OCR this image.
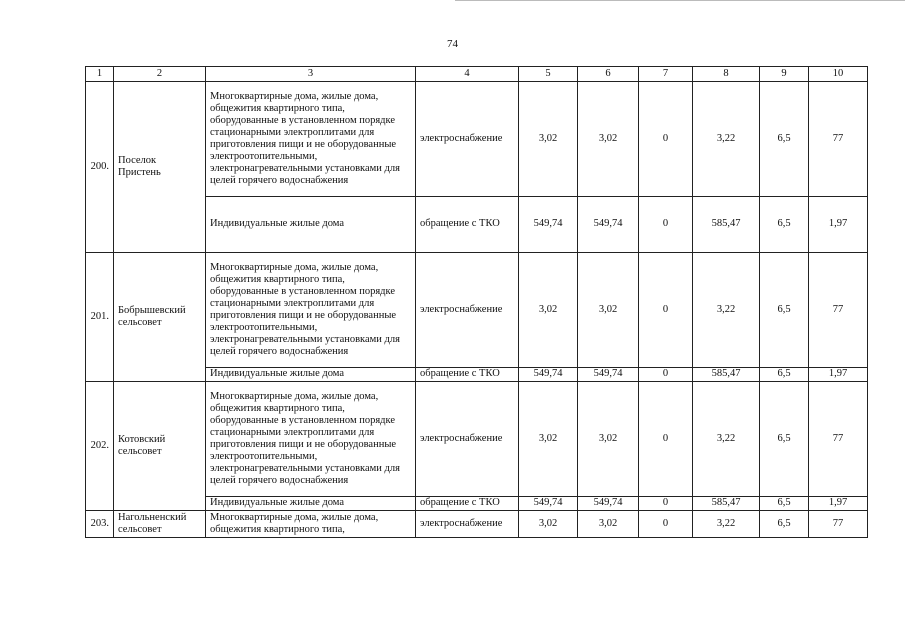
74
1	2	3	4	5	6	7	8	9	10
200.	Поселок Пристень	Многоквартирные дома, жилые дома, общежития квартирного типа, оборудованные в установленном порядке стационарными электроплитами для приготовления пищи и не оборудованные электроотопительными, электронагревательными установками для целей горячего водоснабжения	электроснабжение	3,02	3,02	0	3,22	6,5	77
		Индивидуальные жилые дома	обращение с ТКО	549,74	549,74	0	585,47	6,5	1,97
201.	Бобрышевский сельсовет	Многоквартирные дома, жилые дома, общежития квартирного типа, оборудованные в установленном порядке стационарными электроплитами для приготовления пищи и не оборудованные электроотопительными, электронагревательными установками для целей горячего водоснабжения	электроснабжение	3,02	3,02	0	3,22	6,5	77
		Индивидуальные жилые дома	обращение с ТКО	549,74	549,74	0	585,47	6,5	1,97
202.	Котовский сельсовет	Многоквартирные дома, жилые дома, общежития квартирного типа, оборудованные в установленном порядке стационарными электроплитами для приготовления пищи и не оборудованные электроотопительными, электронагревательными установками для целей горячего водоснабжения	электроснабжение	3,02	3,02	0	3,22	6,5	77
		Индивидуальные жилые дома	обращение с ТКО	549,74	549,74	0	585,47	6,5	1,97
203.	Нагольненский сельсовет	Многоквартирные дома, жилые дома, общежития квартирного типа,	электроснабжение	3,02	3,02	0	3,22	6,5	77
